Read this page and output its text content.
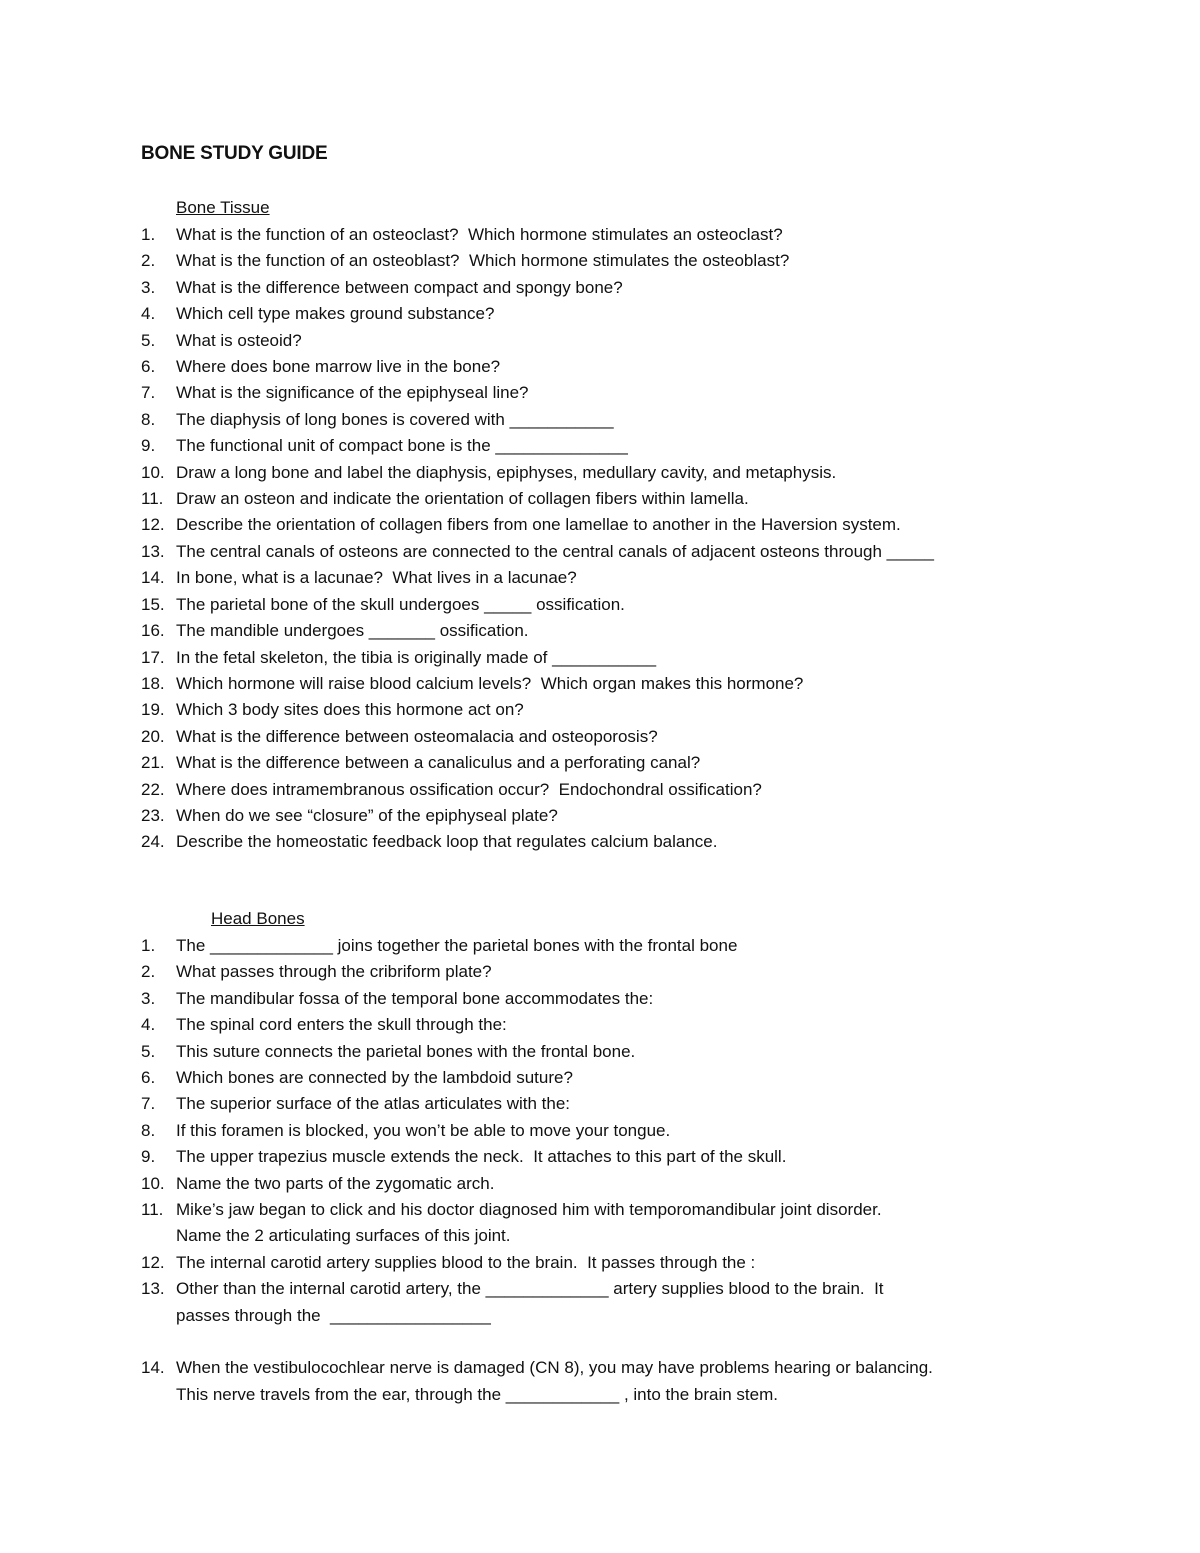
BONE STUDY GUIDE
Bone Tissue
1.	What is the function of an osteoclast?  Which hormone stimulates an osteoclast?
2.	What is the function of an osteoblast?  Which hormone stimulates the osteoblast?
3.	What is the difference between compact and spongy bone?
4.	Which cell type makes ground substance?
5.	What is osteoid?
6.	Where does bone marrow live in the bone?
7.	What is the significance of the epiphyseal line?
8.	The diaphysis of long bones is covered with ___________
9.	The functional unit of compact bone is the ______________
10. Draw a long bone and label the diaphysis, epiphyses, medullary cavity, and metaphysis.
11. Draw an osteon and indicate the orientation of collagen fibers within lamella.
12. Describe the orientation of collagen fibers from one lamellae to another in the Haversion system.
13. The central canals of osteons are connected to the central canals of adjacent osteons through _____
14. In bone, what is a lacunae?  What lives in a lacunae?
15. The parietal bone of the skull undergoes _____ ossification.
16. The mandible undergoes _______ ossification.
17. In the fetal skeleton, the tibia is originally made of ___________
18. Which hormone will raise blood calcium levels?  Which organ makes this hormone?
19. Which 3 body sites does this hormone act on?
20. What is the difference between osteomalacia and osteoporosis?
21. What is the difference between a canaliculus and a perforating canal?
22. Where does intramembranous ossification occur?  Endochondral ossification?
23. When do we see “closure” of the epiphyseal plate?
24. Describe the homeostatic feedback loop that regulates calcium balance.
Head Bones
1.	The _____________ joins together the parietal bones with the frontal bone
2.	What passes through the cribriform plate?
3.	The mandibular fossa of the temporal bone accommodates the:
4.	The spinal cord enters the skull through the:
5.	This suture connects the parietal bones with the frontal bone.
6.	Which bones are connected by the lambdoid suture?
7.	The superior surface of the atlas articulates with the:
8.	If this foramen is blocked, you won’t be able to move your tongue.
9.	The upper trapezius muscle extends the neck.  It attaches to this part of the skull.
10. Name the two parts of the zygomatic arch.
11. Mike’s jaw began to click and his doctor diagnosed him with temporomandibular joint disorder.
Name the 2 articulating surfaces of this joint.
12. The internal carotid artery supplies blood to the brain.  It passes through the :
13. Other than the internal carotid artery, the _____________ artery supplies blood to the brain.  It
passes through the  _________________
14. When the vestibulocochlear nerve is damaged (CN 8), you may have problems hearing or balancing.
This nerve travels from the ear, through the ____________ , into the brain stem.
